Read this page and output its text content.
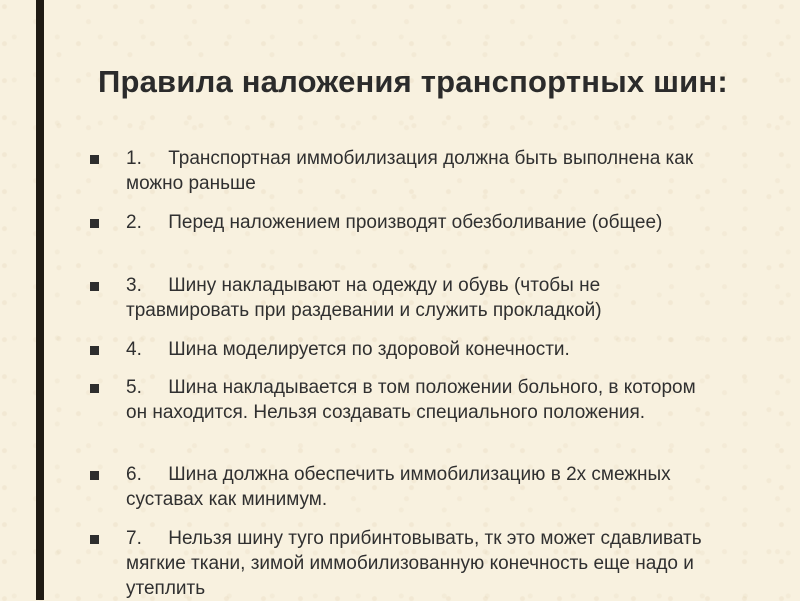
Правила наложения транспортных шин:
1.	Транспортная иммобилизация должна быть выполнена как можно раньше
2.	Перед наложением производят обезболивание (общее)
3.	Шину накладывают на одежду и обувь (чтобы не травмировать при раздевании и служить прокладкой)
4.	Шина моделируется по здоровой конечности.
5.	Шина накладывается в том положении больного, в котором он находится. Нельзя создавать специального положения.
6.	Шина должна обеспечить иммобилизацию в 2х смежных суставах как минимум.
7.	Нельзя шину туго прибинтовывать, тк это может сдавливать мягкие ткани, зимой иммобилизованную конечность еще надо и утеплить
